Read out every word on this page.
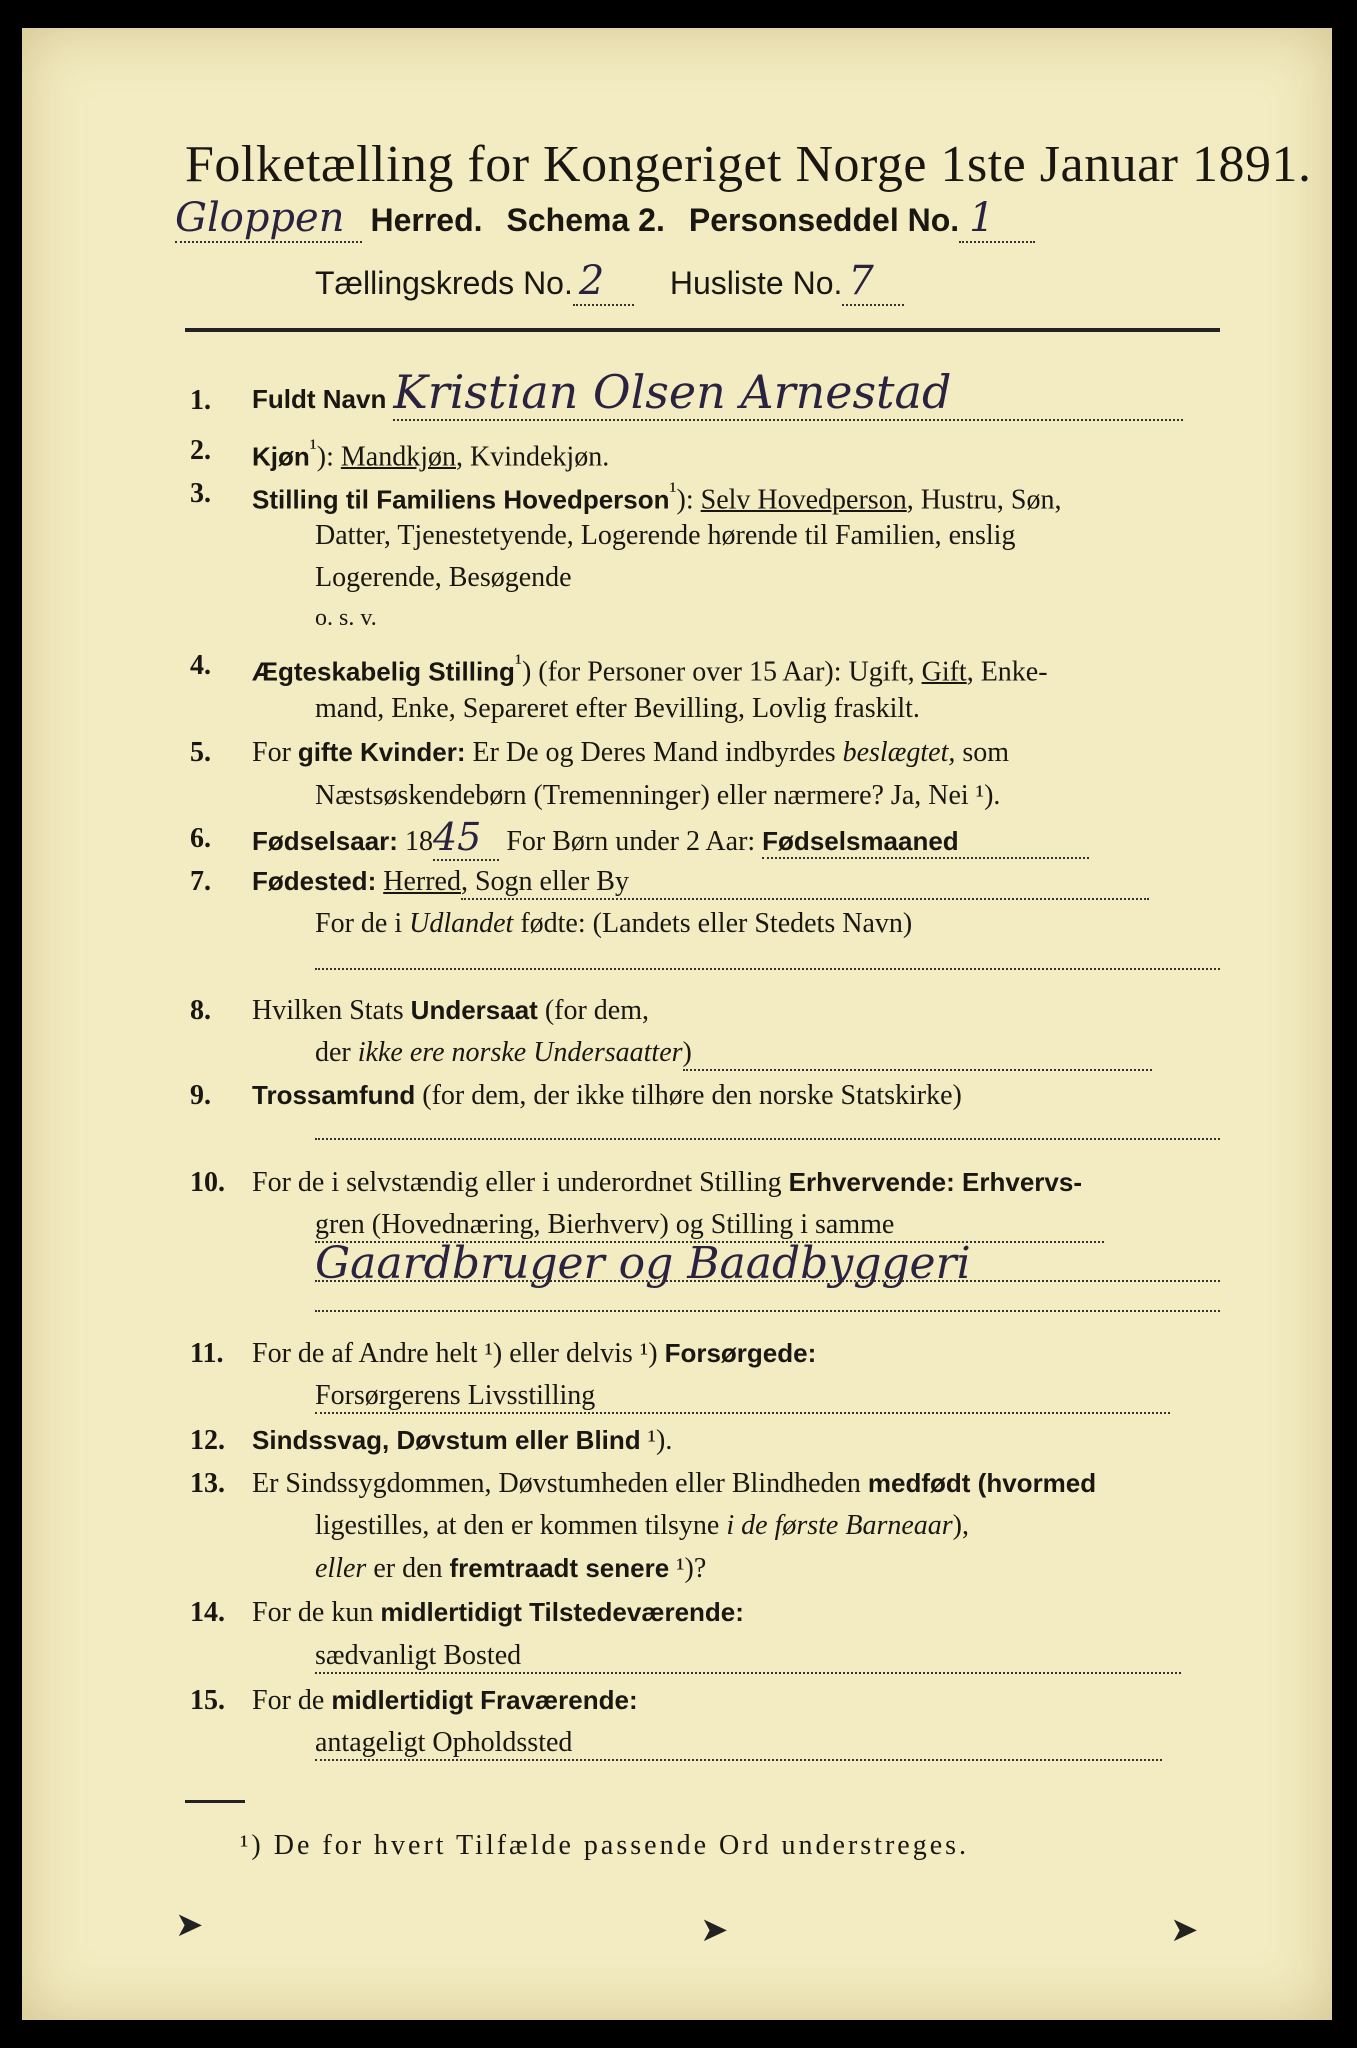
Folketælling for Kongeriget Norge 1ste Januar 1891.
Gloppen Herred. Schema 2. Personseddel No. 1
Tællingskreds No. 2 Husliste No. 7
1. Fuldt Navn Kristian Olsen Arnestad
2. Kjøn$^{^1}$): Mandkjøn, Kvindekjøn.
3. Stilling til Familiens Hovedperson$^{^1}$): Selv Hovedperson, Hustru, Søn,
Datter, Tjenestetyende, Logerende hørende til Familien, enslig
Logerende, Besøgende
o. s. v.
4. Ægteskabelig Stilling$^{^1}$) (for Personer over 15 Aar): Ugift, Gift, Enke-
mand, Enke, Separeret efter Bevilling, Lovlig fraskilt.
5. For gifte Kvinder: Er De og Deres Mand indbyrdes beslægtet, som
Næstsøskendebørn (Tremenninger) eller nærmere? Ja, Nei ¹).
6. Fødselsaar: 1845 For Børn under 2 Aar: Fødselsmaaned
7. Fødested: Herred, Sogn eller By
For de i Udlandet fødte: (Landets eller Stedets Navn)
8. Hvilken Stats Undersaat (for dem,
der ikke ere norske Undersaatter)
9. Trossamfund (for dem, der ikke tilhøre den norske Statskirke)
10. For de i selvstændig eller i underordnet Stilling Erhvervende: Erhvervs-
gren (Hovednæring, Bierhverv) og Stilling i samme
Gaardbruger og Baadbyggeri
11. For de af Andre helt ¹) eller delvis ¹) Forsørgede:
Forsørgerens Livsstilling
12. Sindssvag, Døvstum eller Blind ¹).
13. Er Sindssygdommen, Døvstumheden eller Blindheden medfødt (hvormed
ligestilles, at den er kommen tilsyne i de første Barneaar),
eller er den fremtraadt senere ¹)?
14. For de kun midlertidigt Tilstedeværende:
sædvanligt Bosted
15. For de midlertidigt Fraværende:
antageligt Opholdssted
¹) De for hvert Tilfælde passende Ord understreges.
➤	➤	➤
